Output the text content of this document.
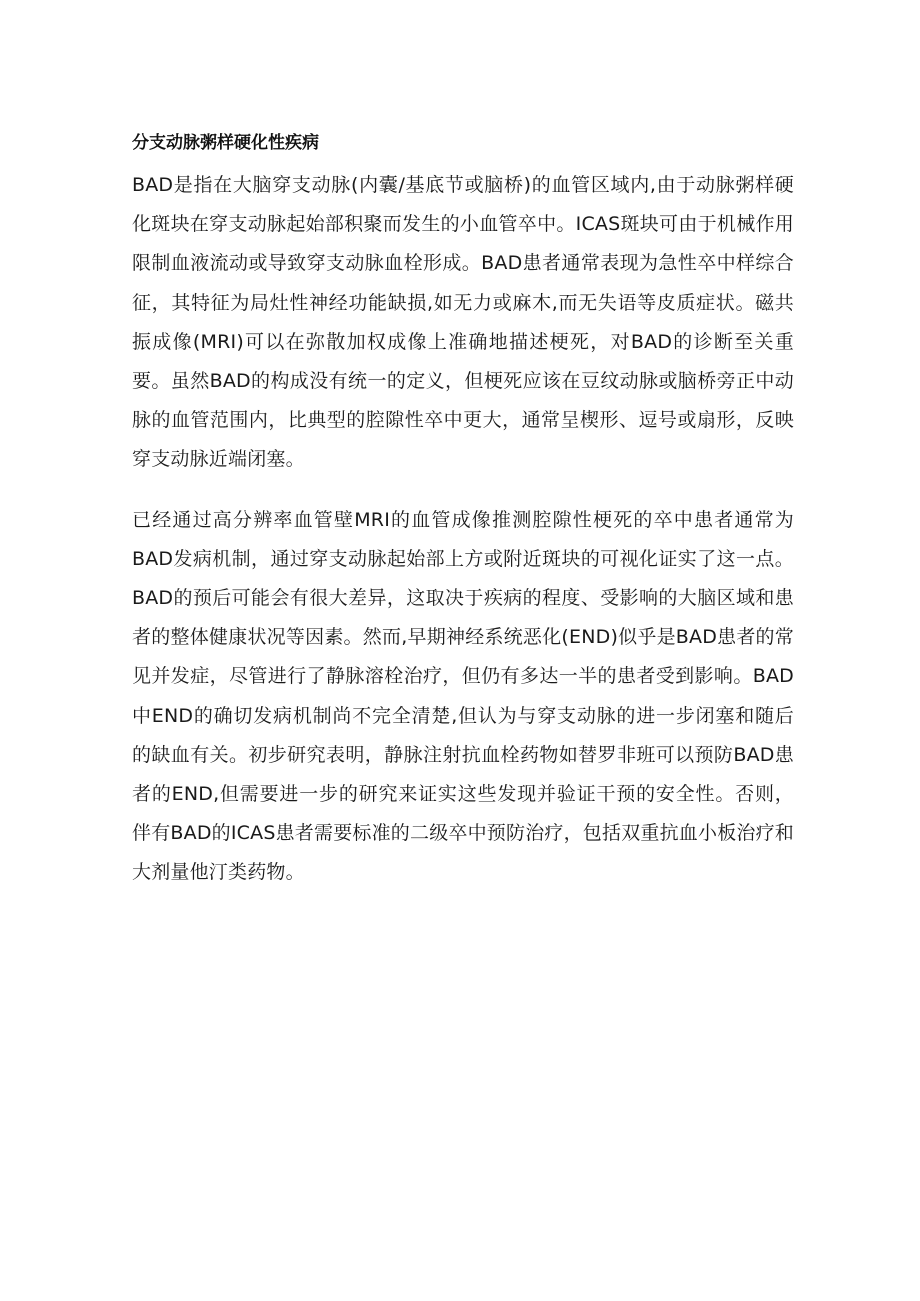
分支动脉粥样硬化性疾病

BAD是指在大脑穿支动脉(内囊/基底节或脑桥)的血管区域内,由于动脉粥样硬化斑块在穿支动脉起始部积聚而发生的小血管卒中。ICAS斑块可由于机械作用限制血液流动或导致穿支动脉血栓形成。BAD患者通常表现为急性卒中样综合征，其特征为局灶性神经功能缺损,如无力或麻木,而无失语等皮质症状。磁共振成像(MRI)可以在弥散加权成像上准确地描述梗死，对BAD的诊断至关重要。虽然BAD的构成没有统一的定义，但梗死应该在豆纹动脉或脑桥旁正中动脉的血管范围内，比典型的腔隙性卒中更大，通常呈楔形、逗号或扇形，反映穿支动脉近端闭塞。

已经通过高分辨率血管壁MRI的血管成像推测腔隙性梗死的卒中患者通常为BAD发病机制，通过穿支动脉起始部上方或附近斑块的可视化证实了这一点。BAD的预后可能会有很大差异，这取决于疾病的程度、受影响的大脑区域和患者的整体健康状况等因素。然而,早期神经系统恶化(END)似乎是BAD患者的常见并发症，尽管进行了静脉溶栓治疗，但仍有多达一半的患者受到影响。BAD中END的确切发病机制尚不完全清楚,但认为与穿支动脉的进一步闭塞和随后的缺血有关。初步研究表明，静脉注射抗血栓药物如替罗非班可以预防BAD患者的END,但需要进一步的研究来证实这些发现并验证干预的安全性。否则，伴有BAD的ICAS患者需要标准的二级卒中预防治疗，包括双重抗血小板治疗和大剂量他汀类药物。
